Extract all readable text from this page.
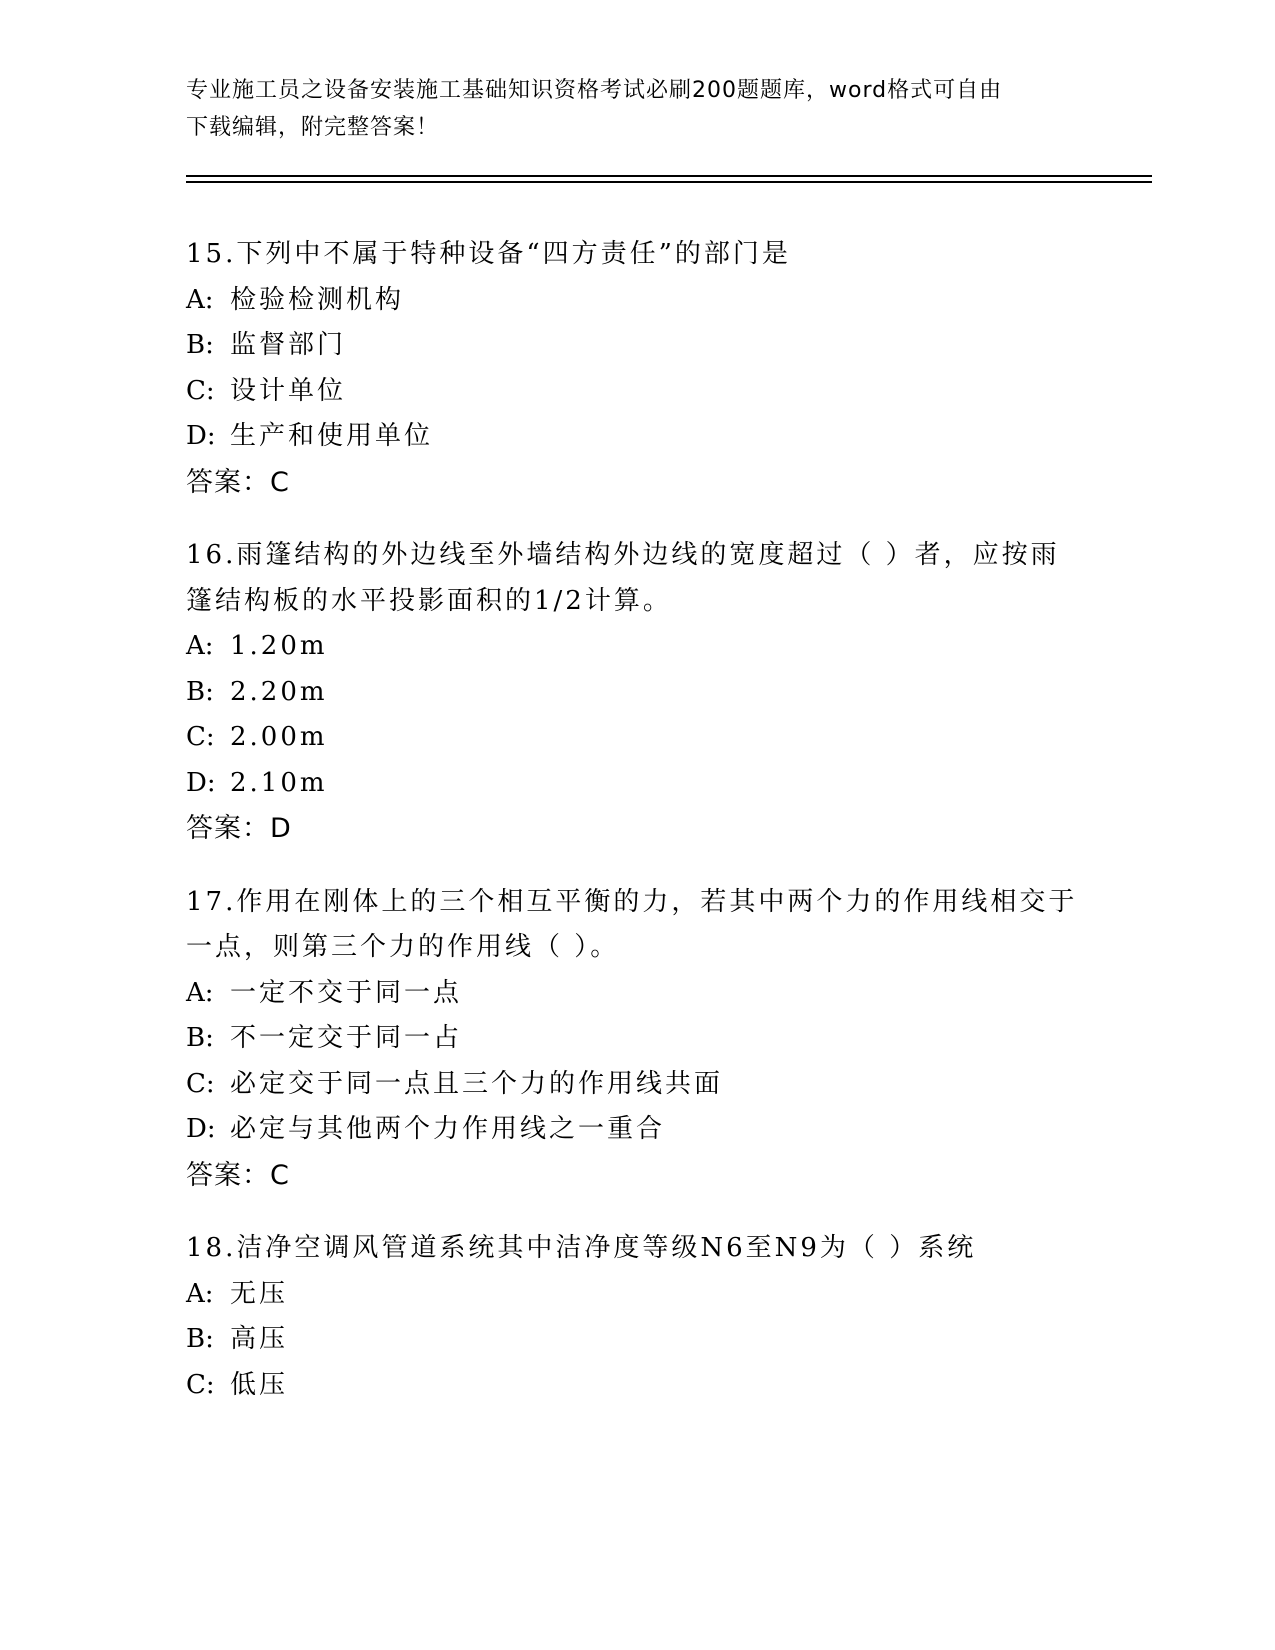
专业施工员之设备安装施工基础知识资格考试必刷200题题库，word格式可自由
下载编辑，附完整答案！
15.下列中不属于特种设备“四方责任”的部门是
A: 检验检测机构
B: 监督部门
C: 设计单位
D: 生产和使用单位
答案：C
16.雨篷结构的外边线至外墙结构外边线的宽度超过（ ）者，应按雨
篷结构板的水平投影面积的1/2计算。
A: 1.20m
B: 2.20m
C: 2.00m
D: 2.10m
答案：D
17.作用在刚体上的三个相互平衡的力，若其中两个力的作用线相交于
一点，则第三个力的作用线（ ）。
A: 一定不交于同一点
B: 不一定交于同一占
C: 必定交于同一点且三个力的作用线共面
D: 必定与其他两个力作用线之一重合
答案：C
18.洁净空调风管道系统其中洁净度等级N6至N9为（ ）系统
A: 无压
B: 高压
C: 低压
